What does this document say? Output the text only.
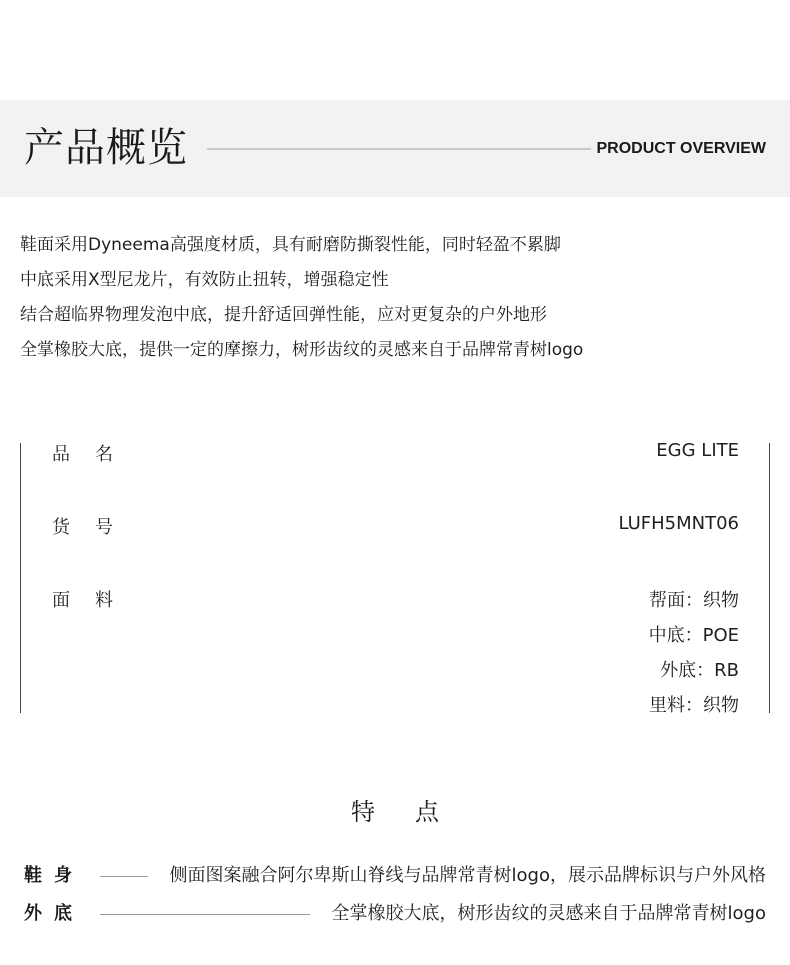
产品概览	PRODUCT OVERVIEW
鞋面采用Dyneema高强度材质，具有耐磨防撕裂性能，同时轻盈不累脚
中底采用X型尼龙片，有效防止扭转，增强稳定性
结合超临界物理发泡中底，提升舒适回弹性能，应对更复杂的户外地形
全掌橡胶大底，提供一定的摩擦力，树形齿纹的灵感来自于品牌常青树logo
品名	EGG LITE
货号	LUFH5MNT06
面料	帮面：织物
中底：POE
外底：RB
里料：织物
特点
鞋身	侧面图案融合阿尔卑斯山脊线与品牌常青树logo，展示品牌标识与户外风格
外底	全掌橡胶大底，树形齿纹的灵感来自于品牌常青树logo
